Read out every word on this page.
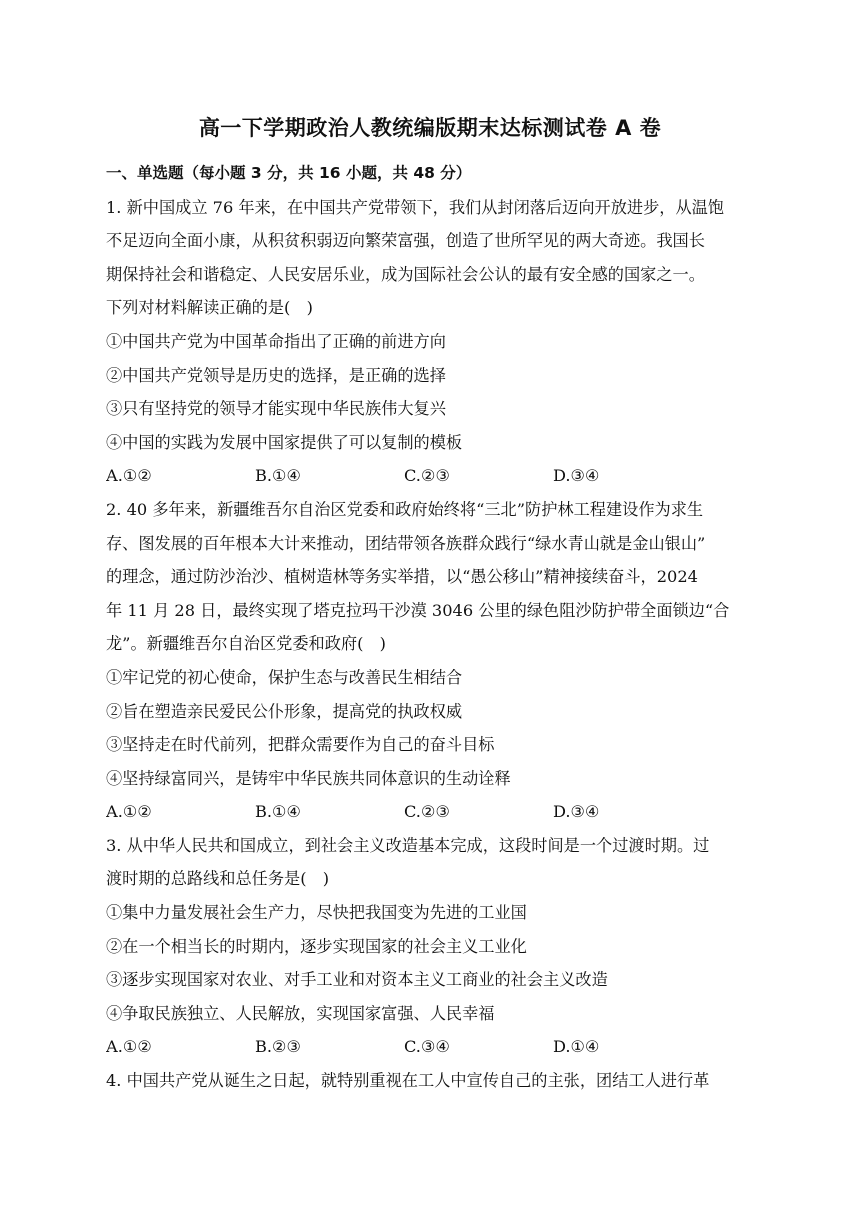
高一下学期政治人教统编版期末达标测试卷 A 卷
一、单选题（每小题 3 分，共 16 小题，共 48 分）
1. 新中国成立 76 年来，在中国共产党带领下，我们从封闭落后迈向开放进步，从温饱
不足迈向全面小康，从积贫积弱迈向繁荣富强，创造了世所罕见的两大奇迹。我国长
期保持社会和谐稳定、人民安居乐业，成为国际社会公认的最有安全感的国家之一。
下列对材料解读正确的是(　)
①中国共产党为中国革命指出了正确的前进方向
②中国共产党领导是历史的选择，是正确的选择
③只有坚持党的领导才能实现中华民族伟大复兴
④中国的实践为发展中国家提供了可以复制的模板
A.①②	B.①④	C.②③	D.③④
2. 40 多年来，新疆维吾尔自治区党委和政府始终将“三北”防护林工程建设作为求生
存、图发展的百年根本大计来推动，团结带领各族群众践行“绿水青山就是金山银山”
的理念，通过防沙治沙、植树造林等务实举措，以“愚公移山”精神接续奋斗，2024
年 11 月 28 日，最终实现了塔克拉玛干沙漠 3046 公里的绿色阻沙防护带全面锁边“合
龙”。新疆维吾尔自治区党委和政府(　)
①牢记党的初心使命，保护生态与改善民生相结合
②旨在塑造亲民爱民公仆形象，提高党的执政权威
③坚持走在时代前列，把群众需要作为自己的奋斗目标
④坚持绿富同兴，是铸牢中华民族共同体意识的生动诠释
A.①②	B.①④	C.②③	D.③④
3. 从中华人民共和国成立，到社会主义改造基本完成，这段时间是一个过渡时期。过
渡时期的总路线和总任务是(　)
①集中力量发展社会生产力，尽快把我国变为先进的工业国
②在一个相当长的时期内，逐步实现国家的社会主义工业化
③逐步实现国家对农业、对手工业和对资本主义工商业的社会主义改造
④争取民族独立、人民解放，实现国家富强、人民幸福
A.①②	B.②③	C.③④	D.①④
4. 中国共产党从诞生之日起，就特别重视在工人中宣传自己的主张，团结工人进行革
